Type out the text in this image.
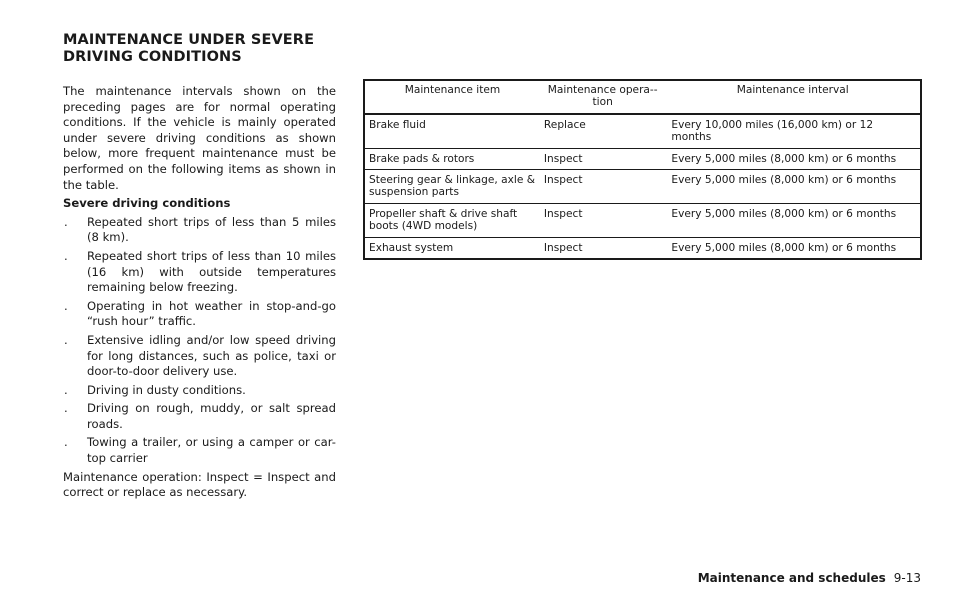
MAINTENANCE UNDER SEVERE DRIVING CONDITIONS

The maintenance intervals shown on the preceding pages are for normal operating conditions. If the vehicle is mainly operated under severe driving conditions as shown below, more frequent maintenance must be performed on the following items as shown in the table.

Severe driving conditions

. Repeated short trips of less than 5 miles (8 km).
. Repeated short trips of less than 10 miles (16 km) with outside temperatures remaining below freezing.
. Operating in hot weather in stop-and-go “rush hour” traffic.
. Extensive idling and/or low speed driving for long distances, such as police, taxi or door-to-door delivery use.
. Driving in dusty conditions.
. Driving on rough, muddy, or salt spread roads.
. Towing a trailer, or using a camper or car-top carrier

Maintenance operation: Inspect = Inspect and correct or replace as necessary.

Maintenance item	Maintenance opera-tion	Maintenance interval
Brake fluid	Replace	Every 10,000 miles (16,000 km) or 12 months
Brake pads & rotors	Inspect	Every 5,000 miles (8,000 km) or 6 months
Steering gear & linkage, axle & suspension parts	Inspect	Every 5,000 miles (8,000 km) or 6 months
Propeller shaft & drive shaft boots (4WD models)	Inspect	Every 5,000 miles (8,000 km) or 6 months
Exhaust system	Inspect	Every 5,000 miles (8,000 km) or 6 months
Maintenance and schedules 9-13
